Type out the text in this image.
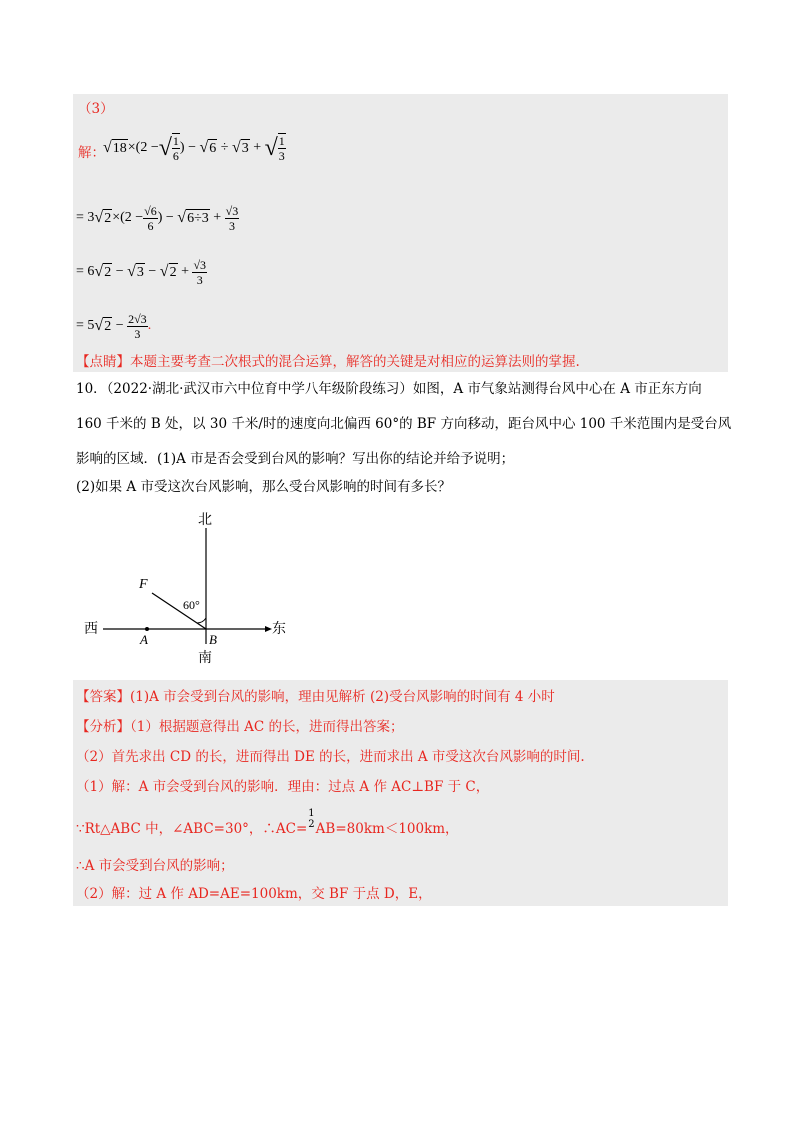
（3）
解：
√ 18 ×(2 − √ $\frac{1}{6}$ ) − √ 6 ÷ √ 3 + √ $\frac{1}{3}$
= 3 √ $2 \times(2 - \frac{√6}{6}$ ) − √ $6\div 3 + \frac{√3}{3}$
= 6 √ 2 − √ 3 − √ $2 + \frac{√3}{3}$
= 5 √ $2 - \frac{2√3}{3}$ .
【点睛】本题主要考查二次根式的混合运算，解答的关键是对相应的运算法则的掌握.
10．（2022·湖北·武汉市六中位育中学八年级阶段练习）如图，A 市气象站测得台风中心在 A 市正东方向
160 千米的 B 处，以 30 千米/时的速度向北偏西 60°的 BF 方向移动，距台风中心 100 千米范围内是受台风
影响的区域．(1)A 市是否会受到台风的影响？写出你的结论并给予说明；
(2)如果 A 市受这次台风影响，那么受台风影响的时间有多长？
北
南
西	东
F
A	B
60°
【答案】(1)A 市会受到台风的影响，理由见解析 (2)受台风影响的时间有 4 小时
【分析】（1）根据题意得出 AC 的长，进而得出答案；
（2）首先求出 CD 的长，进而得出 DE 的长，进而求出 A 市受这次台风影响的时间.
（1）解：A 市会受到台风的影响．理由：过点 A 作 AC⊥BF 于 C，
∵Rt△ABC 中，∠ABC=30°，∴AC=
1
2 AB=80km＜100km，
∴A 市会受到台风的影响；
（2）解：过 A 作 AD=AE=100km，交 BF 于点 D，E，
